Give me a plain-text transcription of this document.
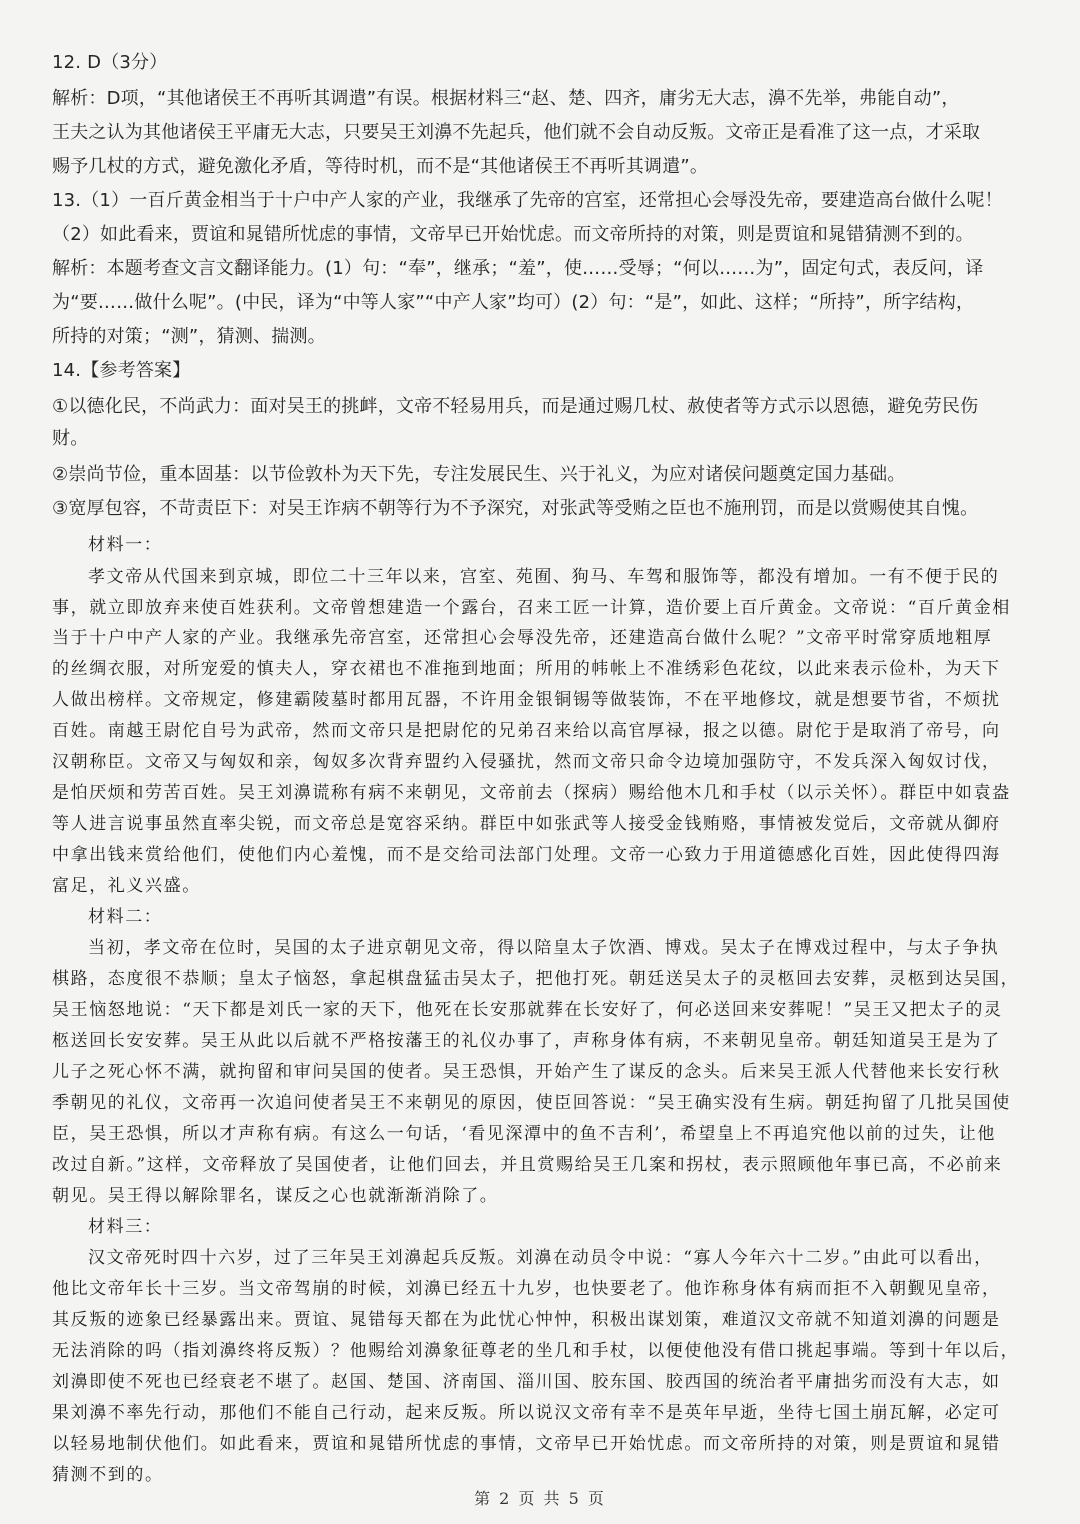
12. D（3分）
解析：D项，“其他诸侯王不再听其调遣”有误。根据材料三“赵、楚、四齐，庸劣无大志，濞不先举，弗能自动”，
王夫之认为其他诸侯王平庸无大志，只要吴王刘濞不先起兵，他们就不会自动反叛。文帝正是看准了这一点，才采取
赐予几杖的方式，避免激化矛盾，等待时机，而不是“其他诸侯王不再听其调遣”。
13.（1）一百斤黄金相当于十户中产人家的产业，我继承了先帝的宫室，还常担心会辱没先帝，要建造高台做什么呢！
（2）如此看来，贾谊和晁错所忧虑的事情，文帝早已开始忧虑。而文帝所持的对策，则是贾谊和晁错猜测不到的。
解析：本题考查文言文翻译能力。(1）句：“奉”，继承；“羞”，使……受辱；“何以……为”，固定句式，表反问，译
为“要……做什么呢”。(中民，译为“中等人家”“中产人家”均可）(2）句：“是”，如此、这样；“所持”，所字结构，
所持的对策；“测”，猜测、揣测。
14.【参考答案】
①以德化民，不尚武力：面对吴王的挑衅，文帝不轻易用兵，而是通过赐几杖、赦使者等方式示以恩德，避免劳民伤
财。
②崇尚节俭，重本固基：以节俭敦朴为天下先，专注发展民生、兴于礼义，为应对诸侯问题奠定国力基础。
③宽厚包容，不苛责臣下：对吴王诈病不朝等行为不予深究，对张武等受贿之臣也不施刑罚，而是以赏赐使其自愧。
材料一：
孝文帝从代国来到京城，即位二十三年以来，宫室、苑囿、狗马、车驾和服饰等，都没有增加。一有不便于民的
事，就立即放弃来使百姓获利。文帝曾想建造一个露台，召来工匠一计算，造价要上百斤黄金。文帝说：“百斤黄金相
当于十户中产人家的产业。我继承先帝宫室，还常担心会辱没先帝，还建造高台做什么呢？”文帝平时常穿质地粗厚
的丝绸衣服，对所宠爱的慎夫人，穿衣裙也不准拖到地面；所用的帏帐上不准绣彩色花纹，以此来表示俭朴，为天下
人做出榜样。文帝规定，修建霸陵墓时都用瓦器，不许用金银铜锡等做装饰，不在平地修坟，就是想要节省，不烦扰
百姓。南越王尉佗自号为武帝，然而文帝只是把尉佗的兄弟召来给以高官厚禄，报之以德。尉佗于是取消了帝号，向
汉朝称臣。文帝又与匈奴和亲，匈奴多次背弃盟约入侵骚扰，然而文帝只命令边境加强防守，不发兵深入匈奴讨伐，
是怕厌烦和劳苦百姓。吴王刘濞谎称有病不来朝见，文帝前去（探病）赐给他木几和手杖（以示关怀）。群臣中如袁盎
等人进言说事虽然直率尖锐，而文帝总是宽容采纳。群臣中如张武等人接受金钱贿赂，事情被发觉后，文帝就从御府
中拿出钱来赏给他们，使他们内心羞愧，而不是交给司法部门处理。文帝一心致力于用道德感化百姓，因此使得四海
富足，礼义兴盛。
材料二：
当初，孝文帝在位时，吴国的太子进京朝见文帝，得以陪皇太子饮酒、博戏。吴太子在博戏过程中，与太子争执
棋路，态度很不恭顺；皇太子恼怒，拿起棋盘猛击吴太子，把他打死。朝廷送吴太子的灵柩回去安葬，灵柩到达吴国，
吴王恼怒地说：“天下都是刘氏一家的天下，他死在长安那就葬在长安好了，何必送回来安葬呢！”吴王又把太子的灵
柩送回长安安葬。吴王从此以后就不严格按藩王的礼仪办事了，声称身体有病，不来朝见皇帝。朝廷知道吴王是为了
儿子之死心怀不满，就拘留和审问吴国的使者。吴王恐惧，开始产生了谋反的念头。后来吴王派人代替他来长安行秋
季朝见的礼仪，文帝再一次追问使者吴王不来朝见的原因，使臣回答说：“吴王确实没有生病。朝廷拘留了几批吴国使
臣，吴王恐惧，所以才声称有病。有这么一句话，‘看见深潭中的鱼不吉利’，希望皇上不再追究他以前的过失，让他
改过自新。”这样，文帝释放了吴国使者，让他们回去，并且赏赐给吴王几案和拐杖，表示照顾他年事已高，不必前来
朝见。吴王得以解除罪名，谋反之心也就渐渐消除了。
材料三：
汉文帝死时四十六岁，过了三年吴王刘濞起兵反叛。刘濞在动员令中说：“寡人今年六十二岁。”由此可以看出，
他比文帝年长十三岁。当文帝驾崩的时候，刘濞已经五十九岁，也快要老了。他诈称身体有病而拒不入朝觐见皇帝，
其反叛的迹象已经暴露出来。贾谊、晁错每天都在为此忧心忡忡，积极出谋划策，难道汉文帝就不知道刘濞的问题是
无法消除的吗（指刘濞终将反叛）？他赐给刘濞象征尊老的坐几和手杖，以便使他没有借口挑起事端。等到十年以后，
刘濞即使不死也已经衰老不堪了。赵国、楚国、济南国、淄川国、胶东国、胶西国的统治者平庸拙劣而没有大志，如
果刘濞不率先行动，那他们不能自己行动，起来反叛。所以说汉文帝有幸不是英年早逝，坐待七国土崩瓦解，必定可
以轻易地制伏他们。如此看来，贾谊和晁错所忧虑的事情，文帝早已开始忧虑。而文帝所持的对策，则是贾谊和晁错
猜测不到的。
第 2 页 共 5 页
